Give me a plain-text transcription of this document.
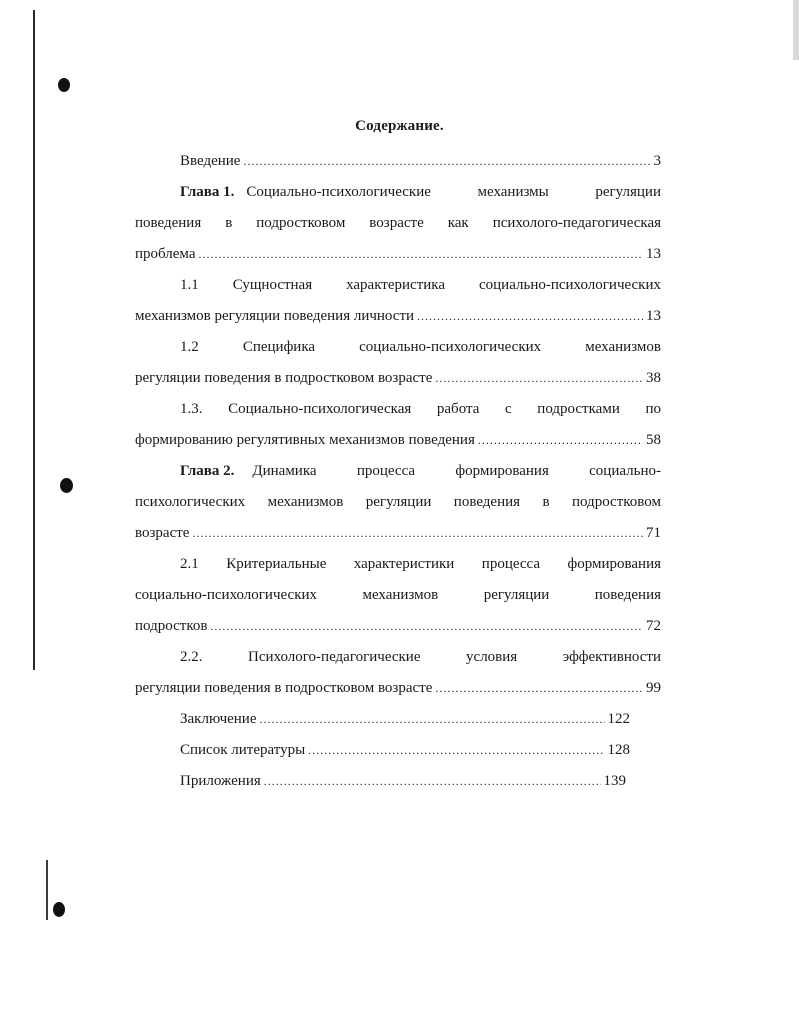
Содержание.
Введение .....	3
Глава 1. Социально-психологические механизмы регуляции
поведения в подростковом возрасте как психолого-педагогическая
проблема .....	13
1.1 Сущностная характеристика социально-психологических
механизмов регуляции поведения личности .....	13
1.2 Специфика социально-психологических механизмов
регуляции поведения в подростковом возрасте .....	38
1.3. Социально-психологическая работа с подростками по
формированию регулятивных механизмов поведения .....	58
Глава 2. Динамика процесса формирования социально-
психологических механизмов регуляции поведения в подростковом
возрасте .....	71
2.1 Критериальные характеристики процесса формирования
социально-психологических механизмов регуляции поведения
подростков .....	72
2.2. Психолого-педагогические условия эффективности
регуляции поведения в подростковом возрасте .....	99
Заключение .....	122
Список литературы .....	128
Приложения .....	139
